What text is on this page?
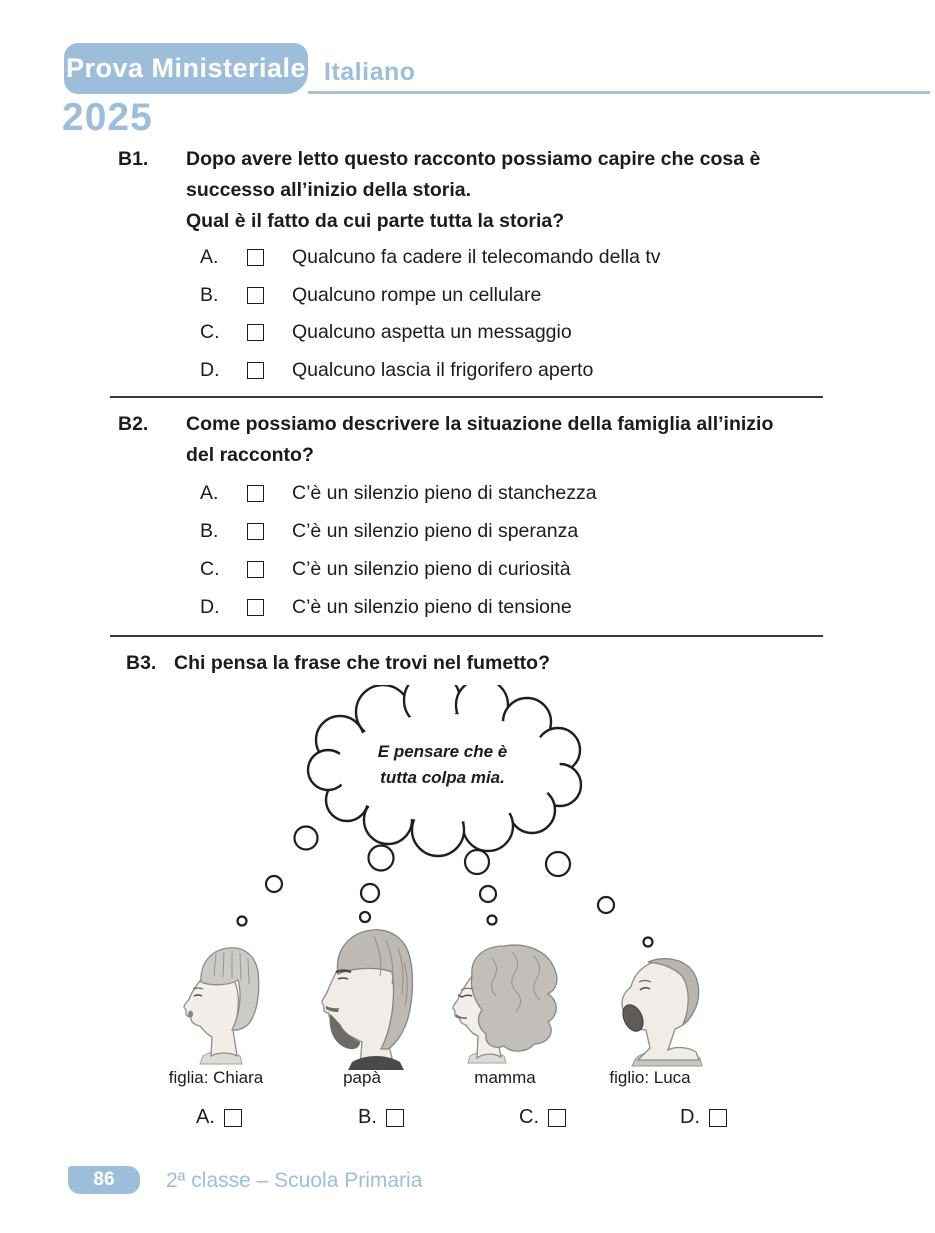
Prova Ministeriale Italiano
2025
B1. Dopo avere letto questo racconto possiamo capire che cosa è
successo all’inizio della storia.
Qual è il fatto da cui parte tutta la storia?
A.	Qualcuno fa cadere il telecomando della tv
B.	Qualcuno rompe un cellulare
C.	Qualcuno aspetta un messaggio
D.	Qualcuno lascia il frigorifero aperto
B2. Come possiamo descrivere la situazione della famiglia all’inizio
del racconto?
A.	C’è un silenzio pieno di stanchezza
B.	C’è un silenzio pieno di speranza
C.	C’è un silenzio pieno di curiosità
D.	C’è un silenzio pieno di tensione
B3. Chi pensa la frase che trovi nel fumetto?
E pensare che è
tutta colpa mia.
figlia: Chiara	papà	mamma	figlio: Luca
A.	B.	C.	D.
86 2ª classe – Scuola Primaria
